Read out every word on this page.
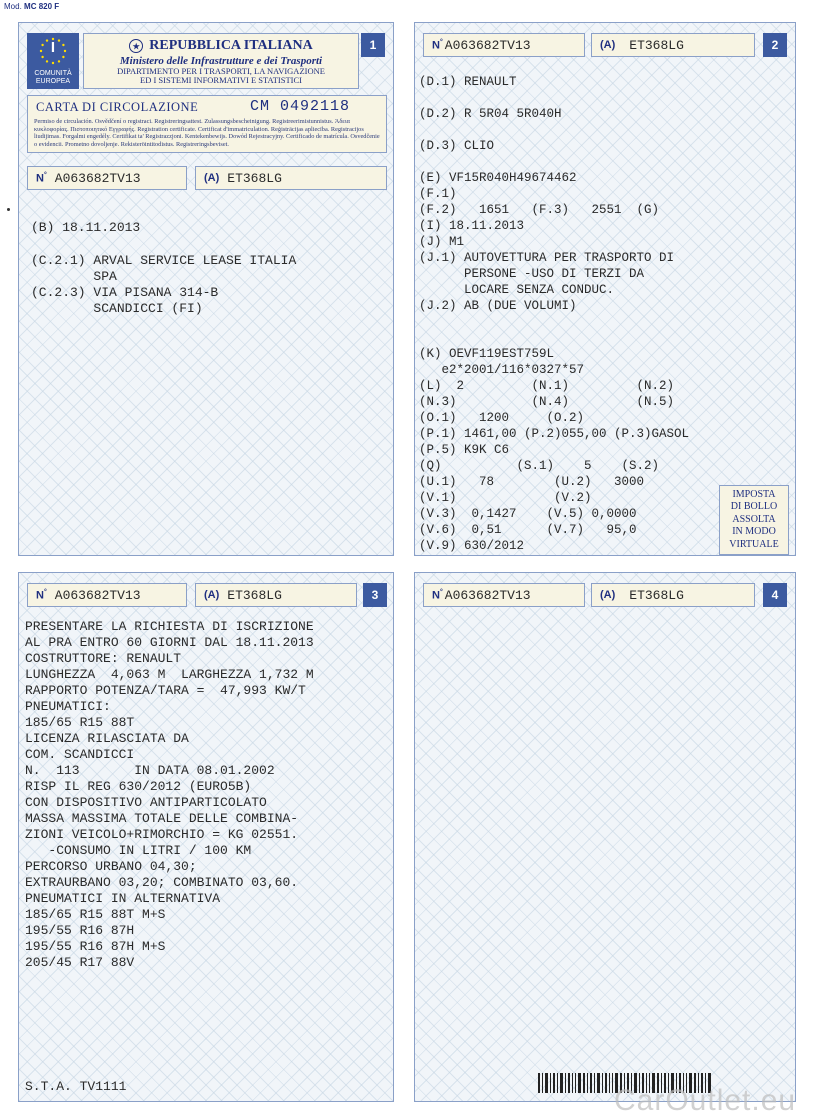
Mod. MC 820 F
1
I
COMUNITÀ
EUROPEA
★ REPUBBLICA ITALIANA
Ministero delle Infrastrutture e dei Trasporti
DIPARTIMENTO PER I TRASPORTI, LA NAVIGAZIONE
ED I SISTEMI INFORMATIVI E STATISTICI
CARTA DI CIRCOLAZIONE	CM 0492118
Permiso de circulación. Osvědčení o registraci. Registreringsattest. Zulassungsbescheinigung. Registreerimistunnistus. Άδεια κυκλοφορίας. Πιστοποιητικό Εγγραφής. Registration certificate. Certificat d'immatriculation. Reģistrācijas apliecība. Registracijos liudijimas. Forgalmi engedély. Certifikat ta' Registrazzjoni. Kentekenbewijs. Dowód Rejestracyjny. Certificado de matrícula. Osvedčenie o evidencii. Prometno dovoljenje. Rekisteröintitodistus. Registreringsbeviset.
N° A063682TV13	(A) ET368LG
(B) 18.11.2013
(C.2.1) ARVAL SERVICE LEASE ITALIA
SPA
(C.2.3) VIA PISANA 314-B
SCANDICCI (FI)
2
N° A063682TV13	(A) ET368LG
(D.1) RENAULT
(D.2) R 5R04 5R040H
(D.3) CLIO
(E) VF15R040H49674462
(F.1)
(F.2)   1651   (F.3)   2551  (G)
(I) 18.11.2013
(J) M1
(J.1) AUTOVETTURA PER TRASPORTO DI
PERSONE -USO DI TERZI DA
LOCARE SENZA CONDUC.
(J.2) AB (DUE VOLUMI)
(K) OEVF119EST759L
e2*2001/116*0327*57
(L)  2         (N.1)         (N.2)
(N.3)          (N.4)         (N.5)
(O.1)   1200     (O.2)
(P.1) 1461,00 (P.2)055,00 (P.3)GASOL
(P.5) K9K C6
(Q)          (S.1)    5    (S.2)
(U.1)   78        (U.2)   3000
(V.1)             (V.2)
(V.3)  0,1427    (V.5) 0,0000
(V.6)  0,51      (V.7)   95,0
(V.9) 630/2012
IMPOSTA
DI BOLLO
ASSOLTA
IN MODO
VIRTUALE
3
N° A063682TV13	(A) ET368LG
PRESENTARE LA RICHIESTA DI ISCRIZIONE
AL PRA ENTRO 60 GIORNI DAL 18.11.2013
COSTRUTTORE: RENAULT
LUNGHEZZA  4,063 M  LARGHEZZA 1,732 M
RAPPORTO POTENZA/TARA =  47,993 KW/T
PNEUMATICI:
185/65 R15 88T
LICENZA RILASCIATA DA
COM. SCANDICCI
N.  113       IN DATA 08.01.2002
RISP IL REG 630/2012 (EURO5B)
CON DISPOSITIVO ANTIPARTICOLATO
MASSA MASSIMA TOTALE DELLE COMBINA-
ZIONI VEICOLO+RIMORCHIO = KG 02551.
-CONSUMO IN LITRI / 100 KM
PERCORSO URBANO 04,30;
EXTRAURBANO 03,20; COMBINATO 03,60.
PNEUMATICI IN ALTERNATIVA
185/65 R15 88T M+S
195/55 R16 87H
195/55 R16 87H M+S
205/45 R17 88V
S.T.A. TV1111
4
N° A063682TV13	(A) ET368LG
CarOutlet.eu
